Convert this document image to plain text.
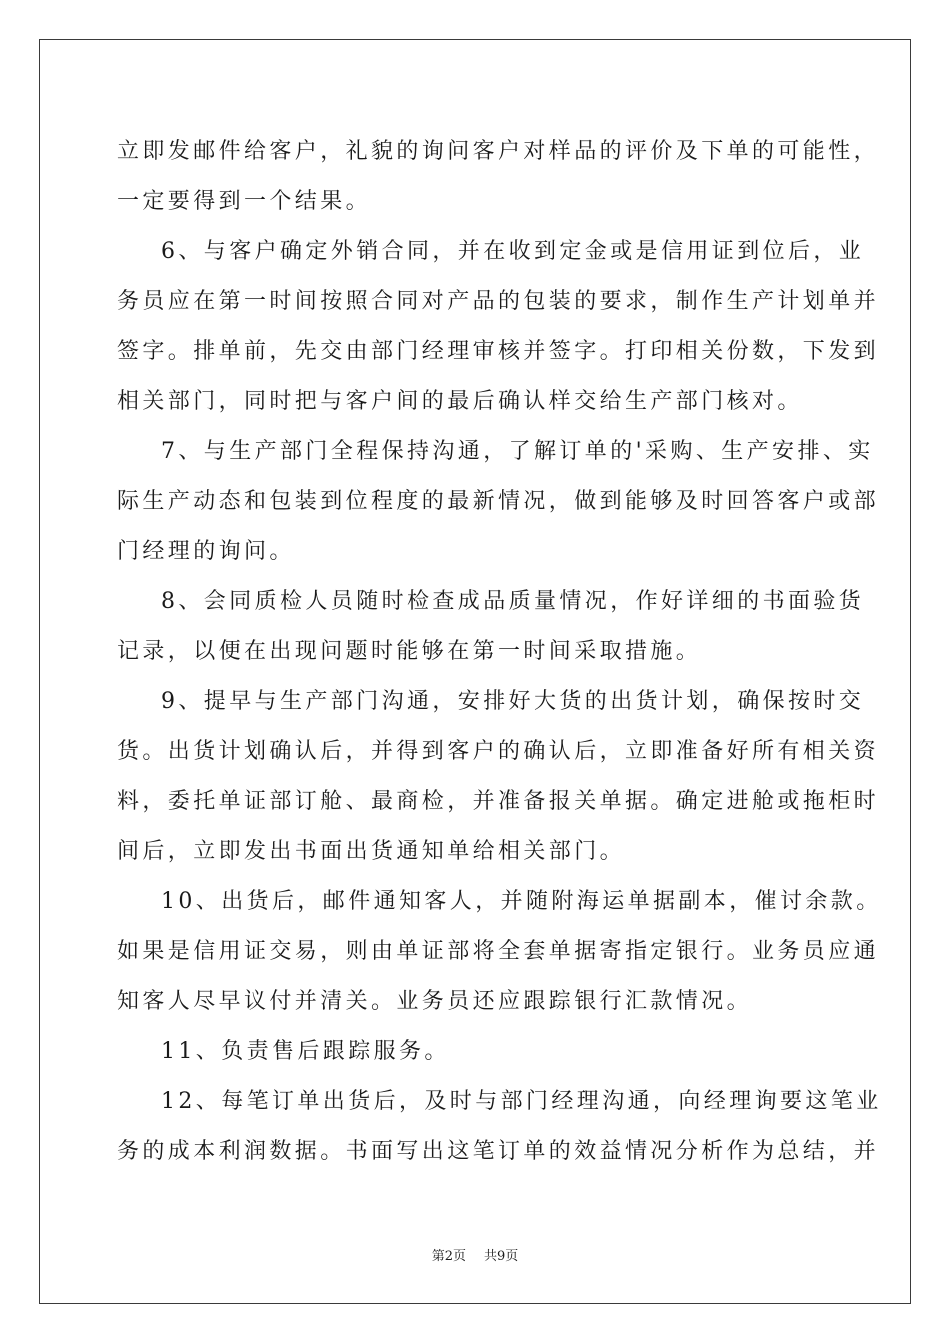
立即发邮件给客户，礼貌的询问客户对样品的评价及下单的可能性，
一定要得到一个结果。
6、与客户确定外销合同，并在收到定金或是信用证到位后，业
务员应在第一时间按照合同对产品的包装的要求，制作生产计划单并
签字。排单前，先交由部门经理审核并签字。打印相关份数，下发到
相关部门，同时把与客户间的最后确认样交给生产部门核对。
7、与生产部门全程保持沟通，了解订单的'采购、生产安排、实
际生产动态和包装到位程度的最新情况，做到能够及时回答客户或部
门经理的询问。
8、会同质检人员随时检查成品质量情况，作好详细的书面验货
记录，以便在出现问题时能够在第一时间采取措施。
9、提早与生产部门沟通，安排好大货的出货计划，确保按时交
货。出货计划确认后，并得到客户的确认后，立即准备好所有相关资
料，委托单证部订舱、最商检，并准备报关单据。确定进舱或拖柜时
间后，立即发出书面出货通知单给相关部门。
10、出货后，邮件通知客人，并随附海运单据副本，催讨余款。
如果是信用证交易，则由单证部将全套单据寄指定银行。业务员应通
知客人尽早议付并清关。业务员还应跟踪银行汇款情况。
11、负责售后跟踪服务。
12、每笔订单出货后，及时与部门经理沟通，向经理询要这笔业
务的成本利润数据。书面写出这笔订单的效益情况分析作为总结，并
第2页 共9页
